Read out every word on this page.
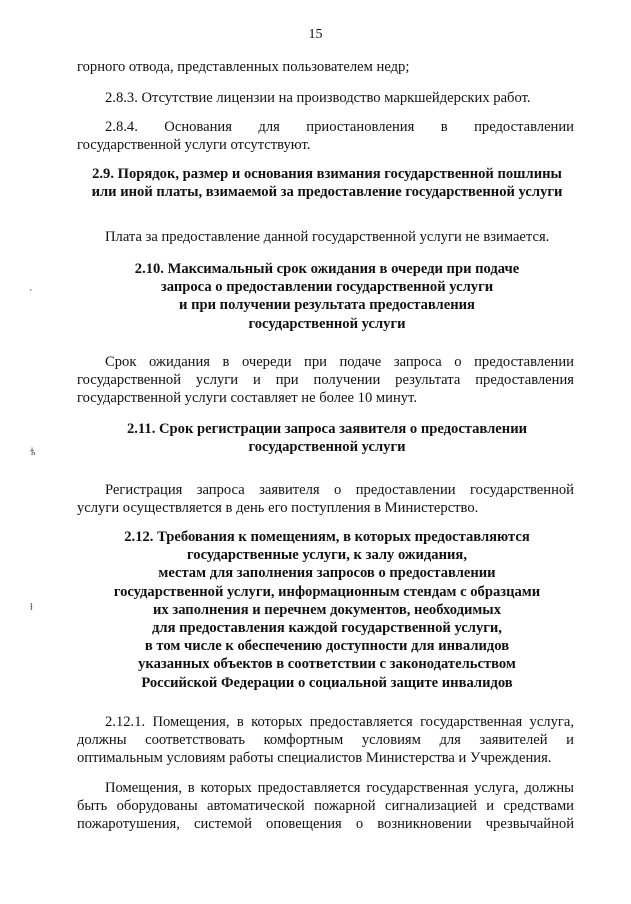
15

горного отвода, представленных пользователем недр;

2.8.3. Отсутствие лицензии на производство маркшейдерских работ.

2.8.4. Основания для приостановления в предоставлении
государственной услуги отсутствуют.

2.9. Порядок, размер и основания взимания государственной пошлины
или иной платы, взимаемой за предоставление государственной услуги

Плата за предоставление данной государственной услуги не взимается.

2.10. Максимальный срок ожидания в очереди при подаче
запроса о предоставлении государственной услуги
и при получении результата предоставления
государственной услуги
'

Срок ожидания в очереди при подаче запроса о предоставлении
государственной услуги и при получении результата предоставления
государственной услуги составляет не более 10 минут.

2.11. Срок регистрации запроса заявителя о предоставлении
государственной услуги
ѣ

Регистрация запроса заявителя о предоставлении государственной
услуги осуществляется в день его поступления в Министерство.

2.12. Требования к помещениям, в которых предоставляются
государственные услуги, к залу ожидания,
местам для заполнения запросов о предоставлении
государственной услуги, информационным стендам с образцами
их заполнения и перечнем документов, необходимых
для предоставления каждой государственной услуги,
в том числе к обеспечению доступности для инвалидов
указанных объектов в соответствии с законодательством
Российской Федерации о социальной защите инвалидов
ɫ

2.12.1. Помещения, в которых предоставляется государственная услуга,
должны соответствовать комфортным условиям для заявителей и
оптимальным условиям работы специалистов Министерства и Учреждения.

Помещения, в которых предоставляется государственная услуга, должны
быть оборудованы автоматической пожарной сигнализацией и средствами
пожаротушения, системой оповещения о возникновении чрезвычайной
